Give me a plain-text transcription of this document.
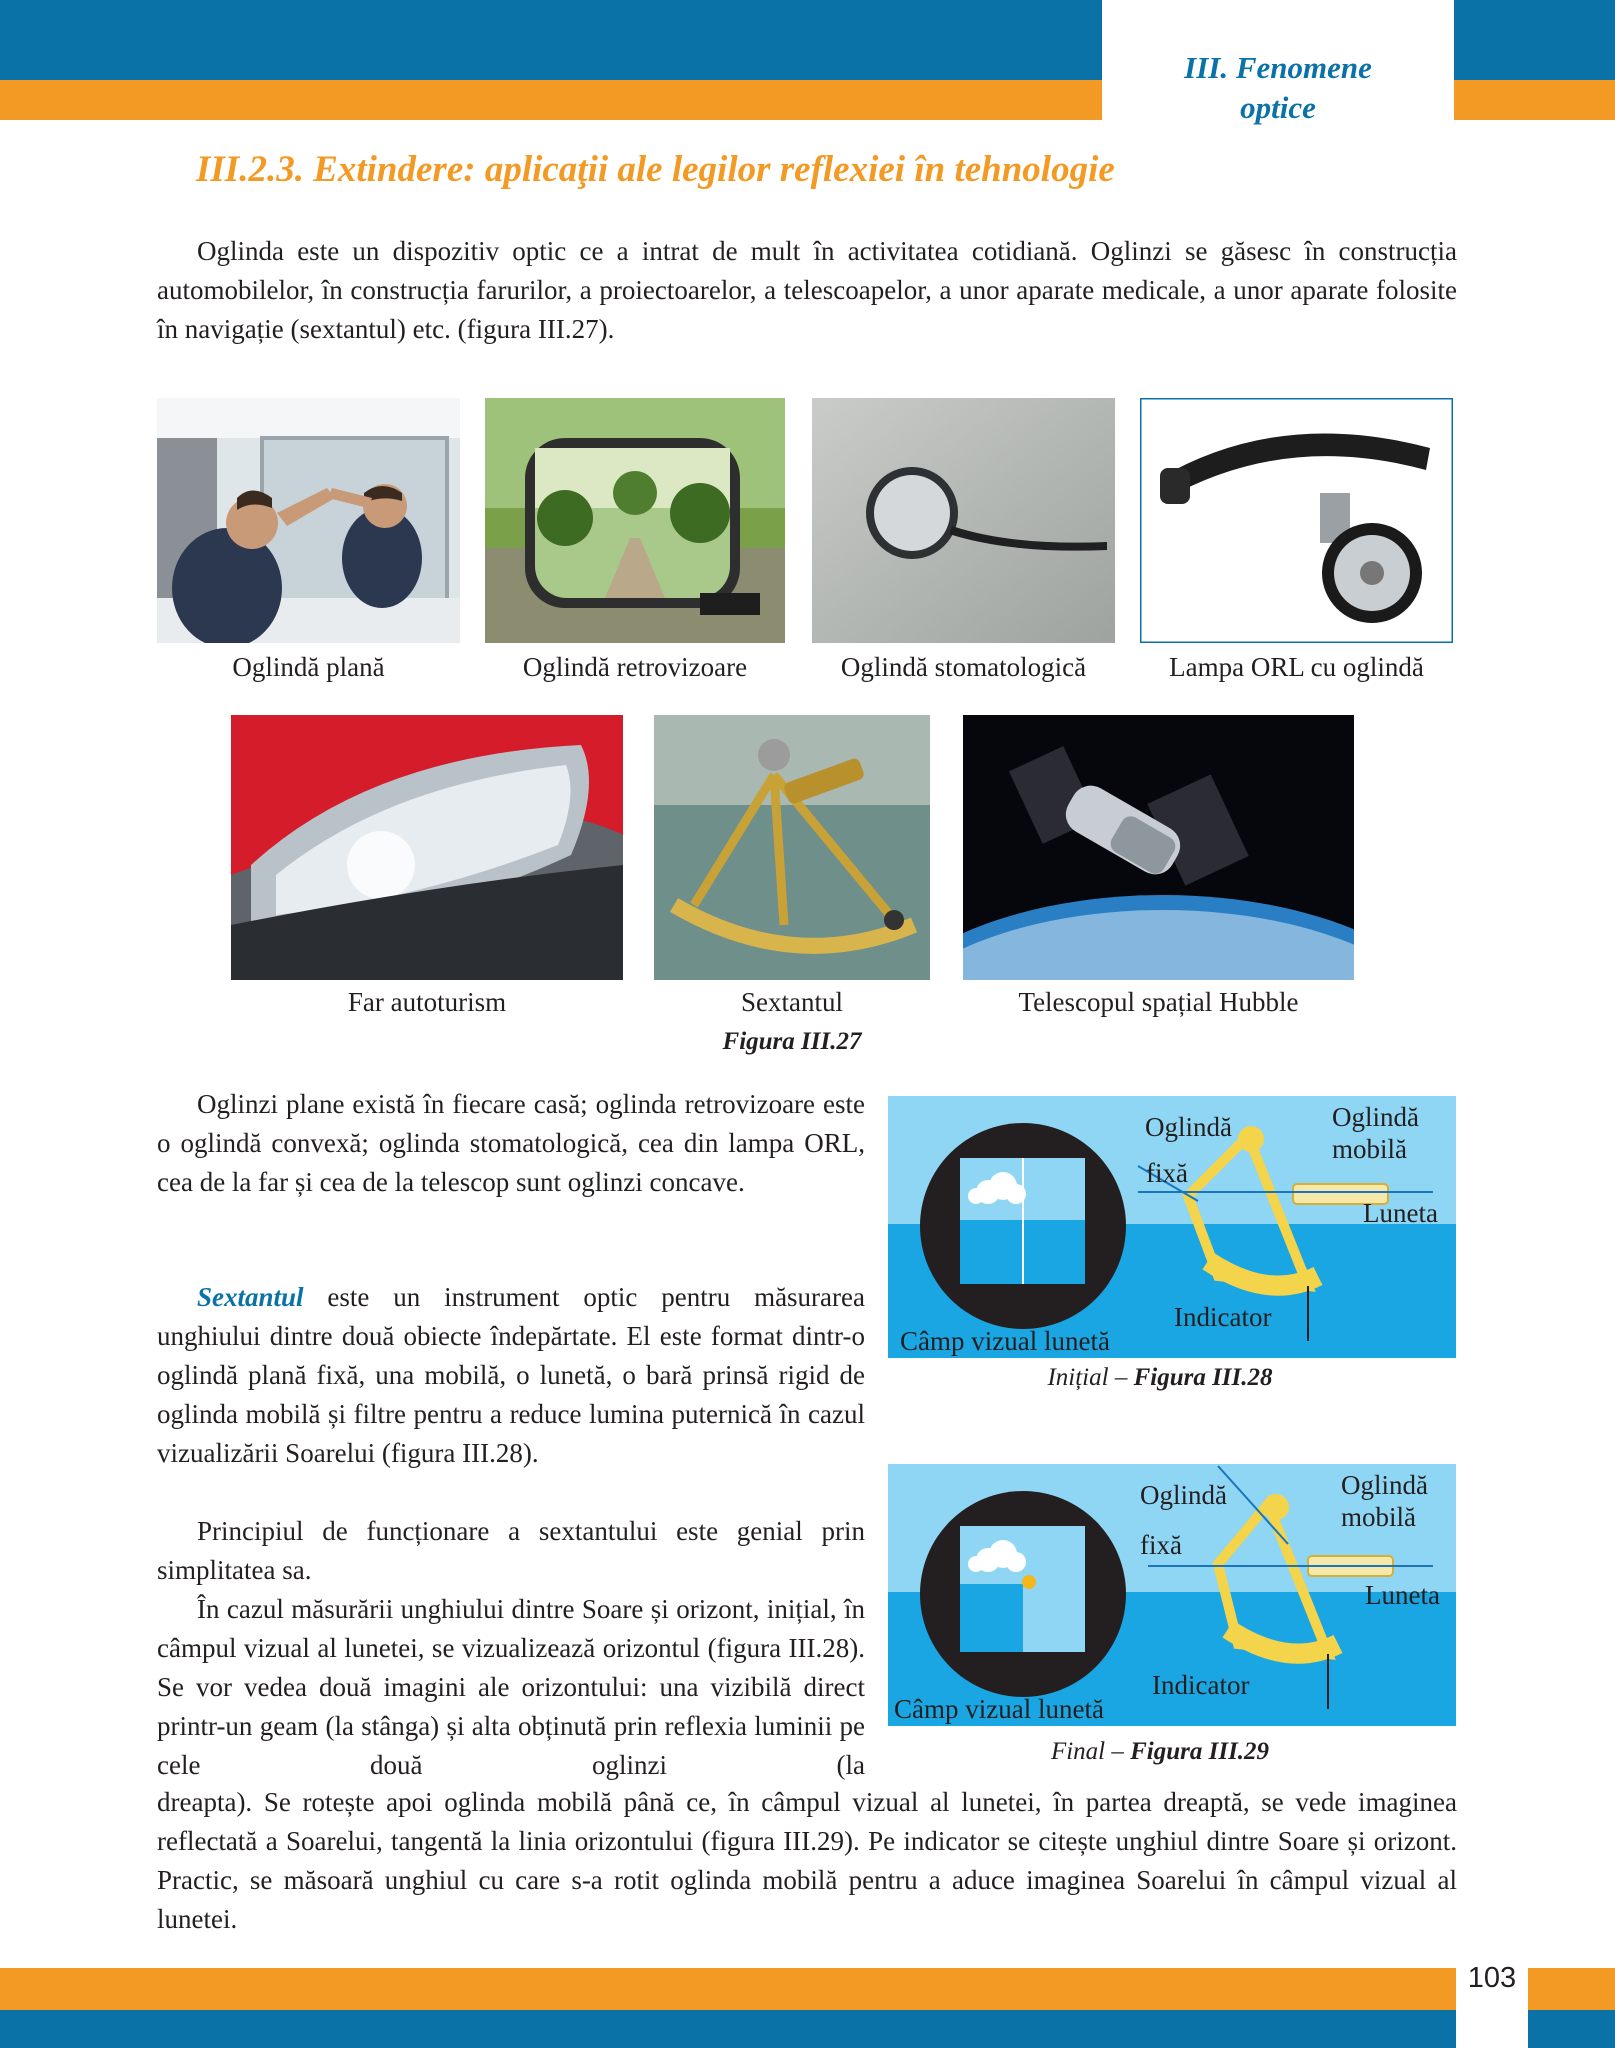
III. Fenomene
optice
III.2.3. Extindere: aplicaţii ale legilor reflexiei în tehnologie
Oglinda este un dispozitiv optic ce a intrat de mult în activitatea cotidiană. Oglinzi se găsesc în construcția automobilelor, în construcția farurilor, a proiectoarelor, a telescoapelor, a unor aparate medicale, a unor aparate folosite în navigație (sextantul) etc. (figura III.27).
Oglindă plană	Oglindă retrovizoare	Oglindă stomatologică	Lampa ORL cu oglindă
Far autoturism	Sextantul	Telescopul spațial Hubble
Figura III.27
Oglinzi plane există în fiecare casă; oglinda retrovizoare este o oglindă convexă; oglinda stomatologică, cea din lampa ORL, cea de la far și cea de la telescop sunt oglinzi concave.
Sextantul este un instrument optic pentru măsurarea unghiului dintre două obiecte îndepărtate. El este format dintr-o oglindă plană fixă, una mobilă, o lunetă, o bară prinsă rigid de oglinda mobilă și filtre pentru a reduce lumina puternică în cazul vizualizării Soarelui (figura III.28).
Principiul de funcționare a sextantului este genial prin simplitatea sa.
În cazul măsurării unghiului dintre Soare și orizont, inițial, în câmpul vizual al lunetei, se vizualizează orizontul (figura III.28). Se vor vedea două imagini ale orizontului: una vizibilă direct printr-un geam (la stânga) și alta obținută prin reflexia luminii pe cele două oglinzi (la
dreapta). Se rotește apoi oglinda mobilă până ce, în câmpul vizual al lunetei, în partea dreaptă, se vede imaginea reflectată a Soarelui, tangentă la linia orizontului (figura III.29). Pe indicator se citește unghiul dintre Soare și orizont. Practic, se măsoară unghiul cu care s-a rotit oglinda mobilă pentru a aduce imaginea Soarelui în câmpul vizual al lunetei.
Oglindă
fixă
Oglindă
mobilă
Luneta
Indicator
Câmp vizual lunetă
Inițial – Figura III.28
Oglindă
fixă
Oglindă
mobilă
Luneta
Indicator
Câmp vizual lunetă
Final – Figura III.29
103
